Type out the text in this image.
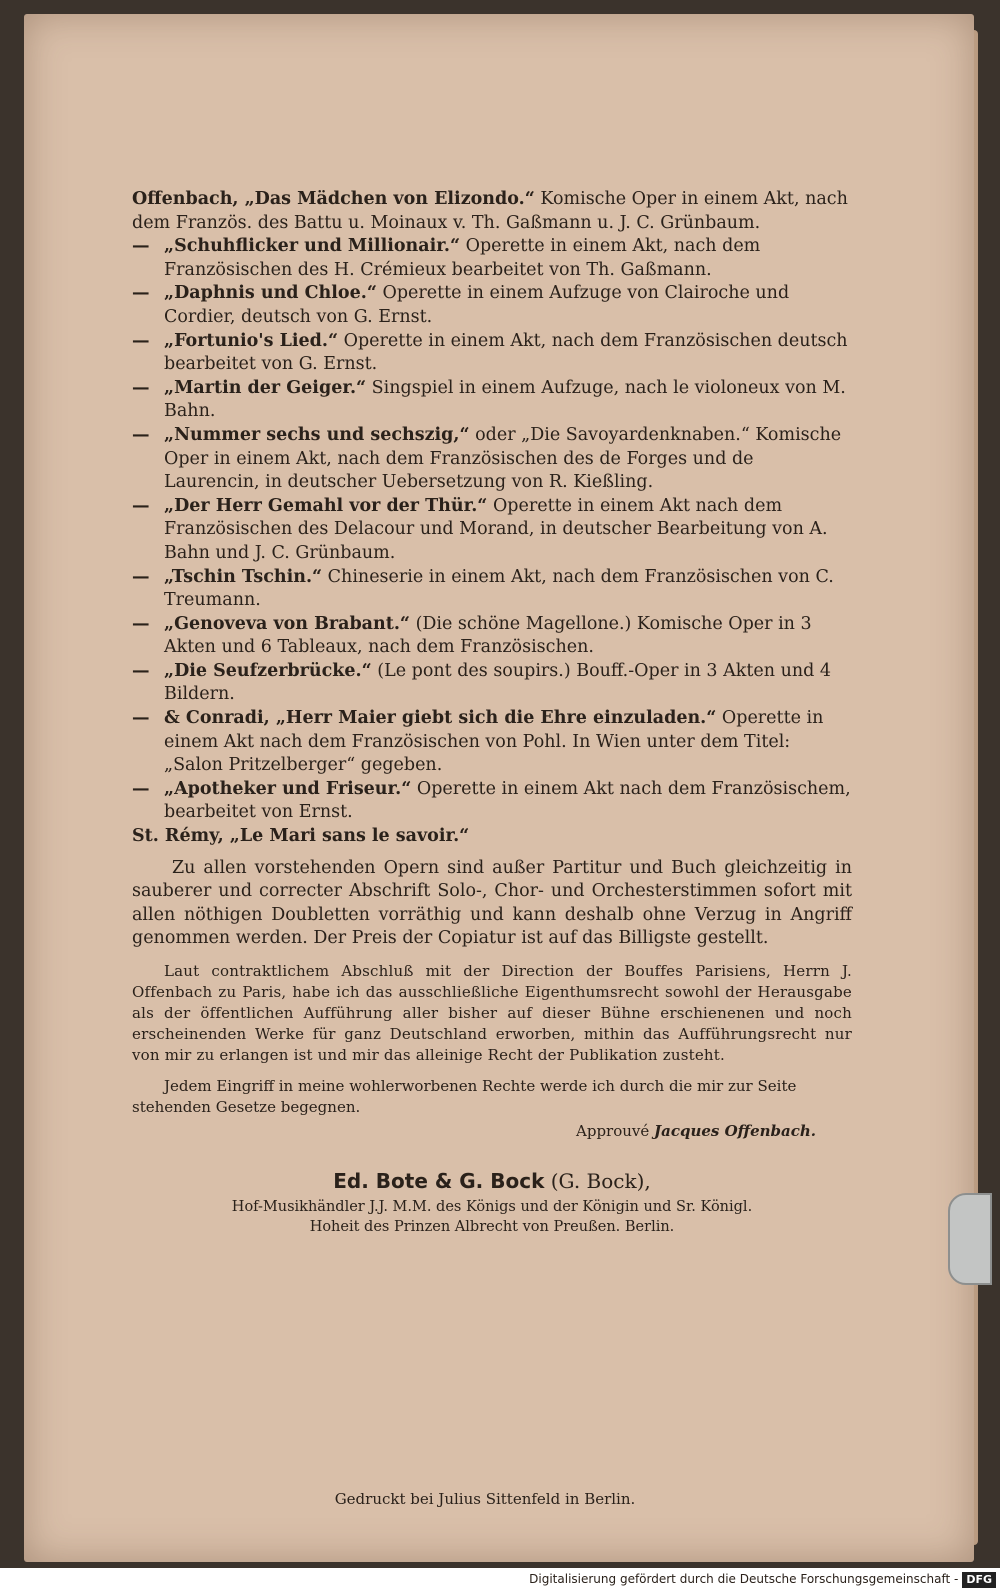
Offenbach, „Das Mädchen von Elizondo.“ Komische Oper in einem Akt, nach dem Französ. des Battu u. Moinaux v. Th. Gaßmann u. J. C. Grünbaum.
— „Schuhflicker und Millionair.“ Operette in einem Akt, nach dem Französischen des H. Crémieux bearbeitet von Th. Gaßmann.
— „Daphnis und Chloe.“ Operette in einem Aufzuge von Clairoche und Cordier, deutsch von G. Ernst.
— „Fortunio's Lied.“ Operette in einem Akt, nach dem Französischen deutsch bearbeitet von G. Ernst.
— „Martin der Geiger.“ Singspiel in einem Aufzuge, nach le violoneux von M. Bahn.
— „Nummer sechs und sechszig,“ oder „Die Savoyardenknaben.“ Komische Oper in einem Akt, nach dem Französischen des de Forges und de Laurencin, in deutscher Uebersetzung von R. Kießling.
— „Der Herr Gemahl vor der Thür.“ Operette in einem Akt nach dem Französischen des Delacour und Morand, in deutscher Bearbeitung von A. Bahn und J. C. Grünbaum.
— „Tschin Tschin.“ Chineserie in einem Akt, nach dem Französischen von C. Treumann.
— „Genoveva von Brabant.“ (Die schöne Magellone.) Komische Oper in 3 Akten und 6 Tableaux, nach dem Französischen.
— „Die Seufzerbrücke.“ (Le pont des soupirs.) Bouff.-Oper in 3 Akten und 4 Bildern.
— & Conradi, „Herr Maier giebt sich die Ehre einzuladen.“ Operette in einem Akt nach dem Französischen von Pohl. In Wien unter dem Titel: „Salon Pritzelberger“ gegeben.
— „Apotheker und Friseur.“ Operette in einem Akt nach dem Französischem, bearbeitet von Ernst.
St. Rémy, „Le Mari sans le savoir.“
Zu allen vorstehenden Opern sind außer Partitur und Buch gleichzeitig in sauberer und correcter Abschrift Solo-, Chor- und Orchesterstimmen sofort mit allen nöthigen Doubletten vorräthig und kann deshalb ohne Verzug in Angriff genommen werden. Der Preis der Copiatur ist auf das Billigste gestellt.
Laut contraktlichem Abschluß mit der Direction der Bouffes Parisiens, Herrn J. Offenbach zu Paris, habe ich das ausschließliche Eigenthumsrecht sowohl der Herausgabe als der öffentlichen Aufführung aller bisher auf dieser Bühne erschienenen und noch erscheinenden Werke für ganz Deutschland erworben, mithin das Aufführungsrecht nur von mir zu erlangen ist und mir das alleinige Recht der Publikation zusteht.
Jedem Eingriff in meine wohlerworbenen Rechte werde ich durch die mir zur Seite stehenden Gesetze begegnen.
Approuvé Jacques Offenbach.
Ed. Bote & G. Bock (G. Bock),
Hof-Musikhändler J.J. M.M. des Königs und der Königin und Sr. Königl.
Hoheit des Prinzen Albrecht von Preußen. Berlin.
Gedruckt bei Julius Sittenfeld in Berlin.
Digitalisierung gefördert durch die Deutsche Forschungsgemeinschaft - DFG
